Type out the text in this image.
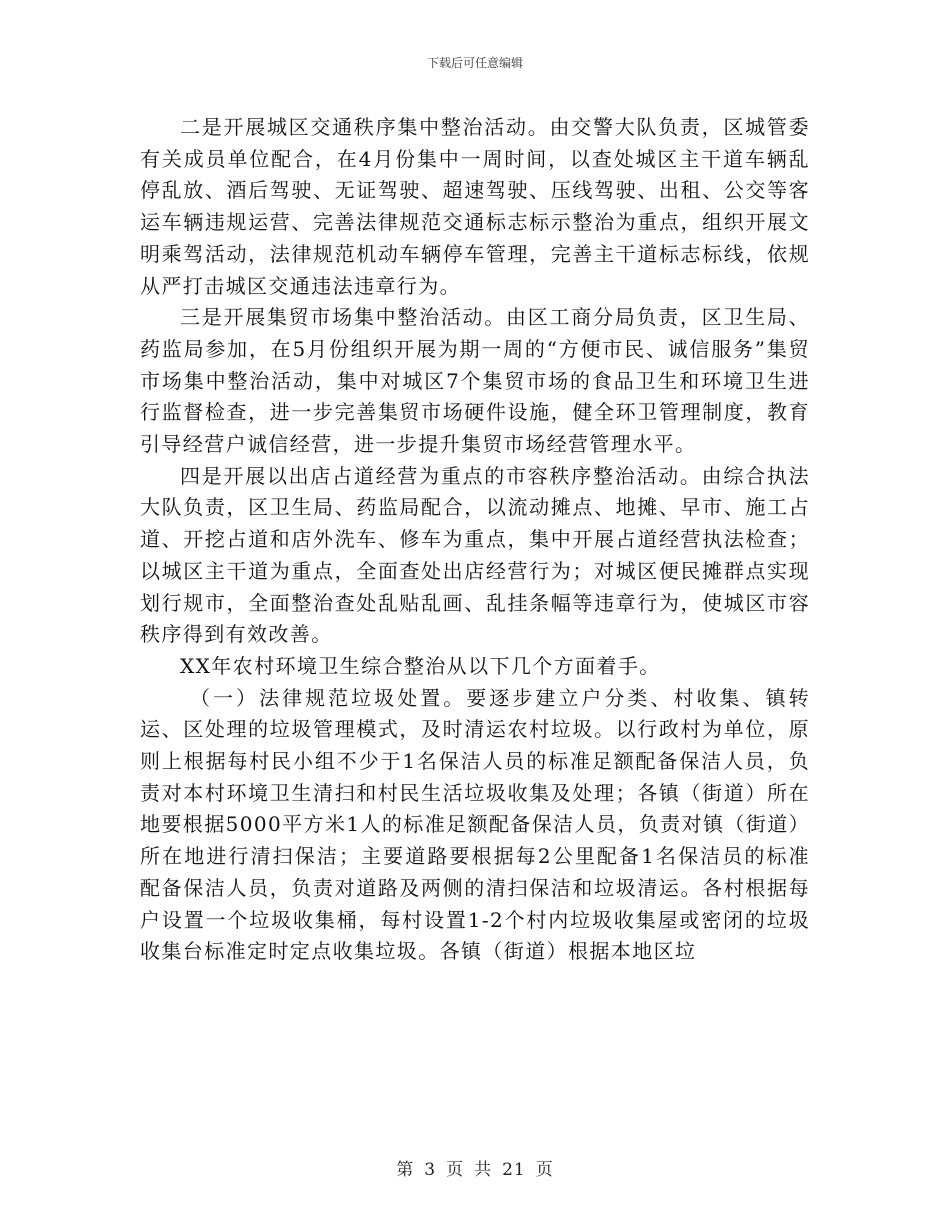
下载后可任意编辑

二是开展城区交通秩序集中整治活动。由交警大队负责，区城管委有关成员单位配合，在4月份集中一周时间，以查处城区主干道车辆乱停乱放、酒后驾驶、无证驾驶、超速驾驶、压线驾驶、出租、公交等客运车辆违规运营、完善法律规范交通标志标示整治为重点，组织开展文明乘驾活动，法律规范机动车辆停车管理，完善主干道标志标线，依规从严打击城区交通违法违章行为。

三是开展集贸市场集中整治活动。由区工商分局负责，区卫生局、药监局参加，在5月份组织开展为期一周的“方便市民、诚信服务”集贸市场集中整治活动，集中对城区7个集贸市场的食品卫生和环境卫生进行监督检查，进一步完善集贸市场硬件设施，健全环卫管理制度，教育引导经营户诚信经营，进一步提升集贸市场经营管理水平。

四是开展以出店占道经营为重点的市容秩序整治活动。由综合执法大队负责，区卫生局、药监局配合，以流动摊点、地摊、早市、施工占道、开挖占道和店外洗车、修车为重点，集中开展占道经营执法检查；以城区主干道为重点，全面查处出店经营行为；对城区便民摊群点实现划行规市，全面整治查处乱贴乱画、乱挂条幅等违章行为，使城区市容秩序得到有效改善。

XX年农村环境卫生综合整治从以下几个方面着手。

（一）法律规范垃圾处置。要逐步建立户分类、村收集、镇转运、区处理的垃圾管理模式，及时清运农村垃圾。以行政村为单位，原则上根据每村民小组不少于1名保洁人员的标准足额配备保洁人员，负责对本村环境卫生清扫和村民生活垃圾收集及处理；各镇（街道）所在地要根据5000平方米1人的标准足额配备保洁人员，负责对镇（街道）所在地进行清扫保洁；主要道路要根据每2公里配备1名保洁员的标准配备保洁人员，负责对道路及两侧的清扫保洁和垃圾清运。各村根据每户设置一个垃圾收集桶，每村设置1-2个村内垃圾收集屋或密闭的垃圾收集台标准定时定点收集垃圾。各镇（街道）根据本地区垃

第 3 页 共 21 页
